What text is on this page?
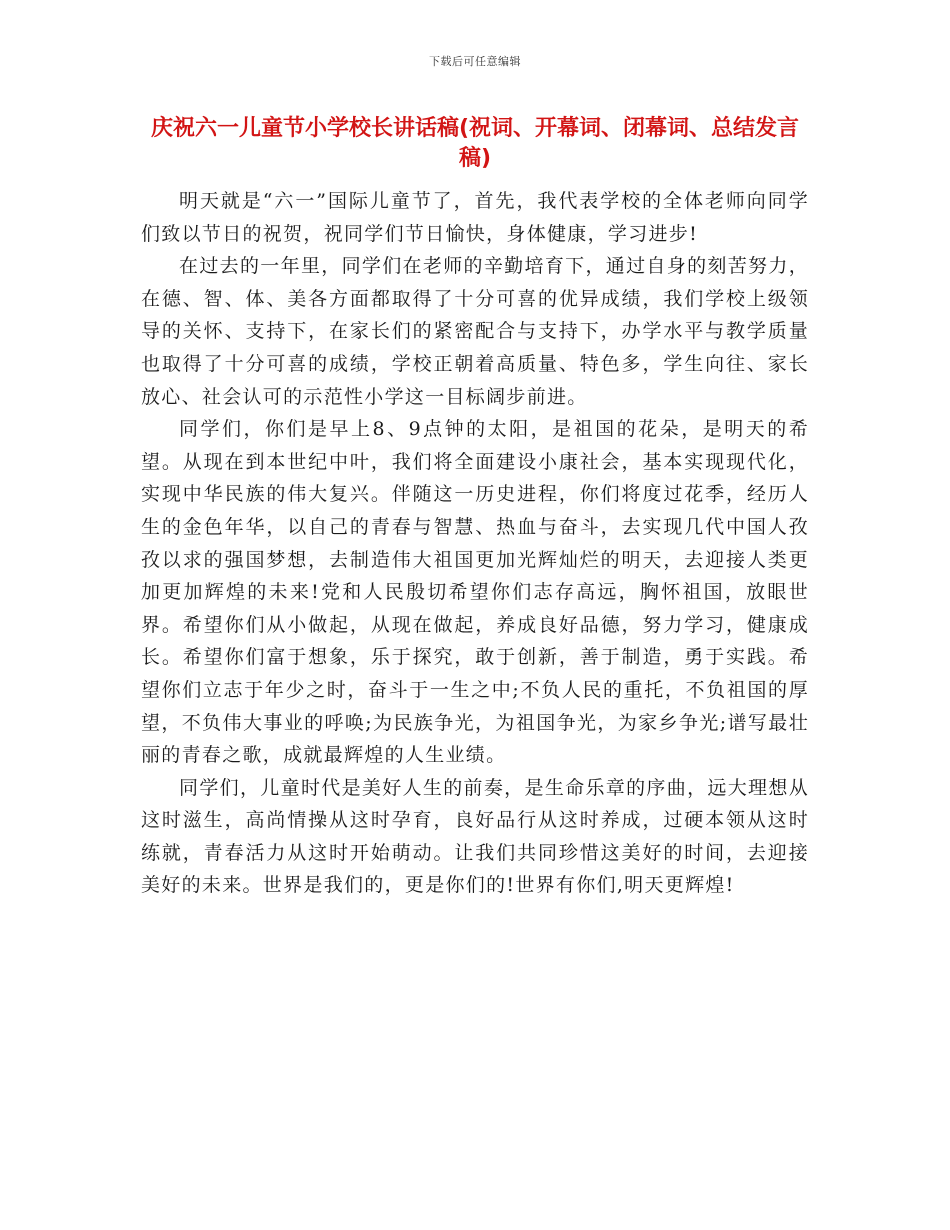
下载后可任意编辑
庆祝六一儿童节小学校长讲话稿(祝词、开幕词、闭幕词、总结发言稿)

明天就是“六一”国际儿童节了，首先，我代表学校的全体老师向同学们致以节日的祝贺，祝同学们节日愉快，身体健康，学习进步!

在过去的一年里，同学们在老师的辛勤培育下，通过自身的刻苦努力，在德、智、体、美各方面都取得了十分可喜的优异成绩，我们学校上级领导的关怀、支持下，在家长们的紧密配合与支持下，办学水平与教学质量也取得了十分可喜的成绩，学校正朝着高质量、特色多，学生向往、家长放心、社会认可的示范性小学这一目标阔步前进。

同学们，你们是早上8、9点钟的太阳，是祖国的花朵，是明天的希望。从现在到本世纪中叶，我们将全面建设小康社会，基本实现现代化，实现中华民族的伟大复兴。伴随这一历史进程，你们将度过花季，经历人生的金色年华，以自己的青春与智慧、热血与奋斗，去实现几代中国人孜孜以求的强国梦想，去制造伟大祖国更加光辉灿烂的明天，去迎接人类更加更加辉煌的未来!党和人民殷切希望你们志存高远，胸怀祖国，放眼世界。希望你们从小做起，从现在做起，养成良好品德，努力学习，健康成长。希望你们富于想象，乐于探究，敢于创新，善于制造，勇于实践。希望你们立志于年少之时，奋斗于一生之中;不负人民的重托，不负祖国的厚望，不负伟大事业的呼唤;为民族争光，为祖国争光，为家乡争光;谱写最壮丽的青春之歌，成就最辉煌的人生业绩。

同学们，儿童时代是美好人生的前奏，是生命乐章的序曲，远大理想从这时滋生，高尚情操从这时孕育，良好品行从这时养成，过硬本领从这时练就，青春活力从这时开始萌动。让我们共同珍惜这美好的时间，去迎接美好的未来。世界是我们的，更是你们的!世界有你们,明天更辉煌!
